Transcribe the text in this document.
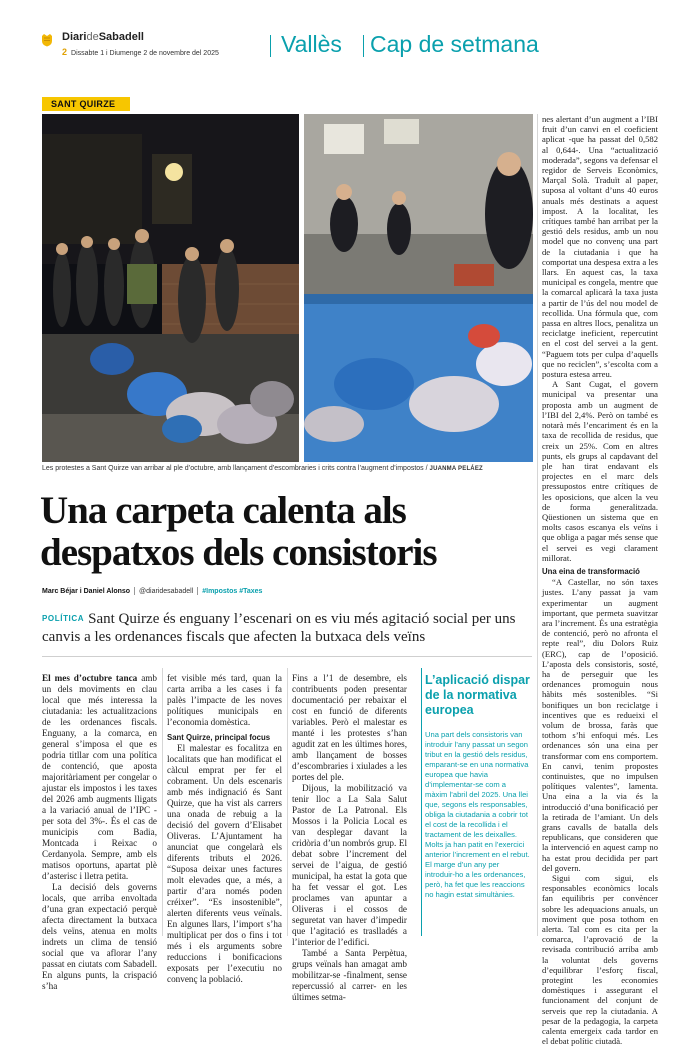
DiarideSabadell
2 Dissabte 1 i Diumenge 2 de novembre del 2025	Vallès Cap de setmana
SANT QUIRZE
Les protestes a Sant Quirze van arribar al ple d’octubre, amb llançament d’escombraries i crits contra l’augment d’impostos / JUANMA PELÁEZ
Una carpeta calenta als despatxos dels consistoris
Marc Béjar i Daniel Alonso @diaridesabadell #Impostos #Taxes

POLÍTICA Sant Quirze és enguany l’escenari on es viu més agitació social per uns canvis a les ordenances fiscals que afecten la butxaca dels veïns

El mes d’octubre tanca amb un dels moviments en clau local que més interessa la ciutadania: les actualitzacions de les ordenances fiscals. Enguany, a la comarca, en general s’imposa el que es podria titllar com una política de contenció, que aposta majoritàriament per congelar o ajustar els impostos i les taxes del 2026 amb augments lligats a la variació anual de l’IPC -per sota del 3%-. És el cas de municipis com Badia, Montcada i Reixac o Cerdanyola. Sempre, amb els matisos oportuns, apartat plè d’asterisc i lletra petita.

La decisió dels governs locals, que arriba envoltada d’una gran expectació perquè afecta directament la butxaca dels veïns, atenua en molts indrets un clima de tensió social que va aflorar l’any passat en ciutats com Sabadell. En alguns punts, la crispació s’ha

fet visible més tard, quan la carta arriba a les cases i fa palès l’impacte de les noves polítiques municipals en l’economia domèstica.

Sant Quirze, principal focus

El malestar es focalitza en localitats que han modificat el càlcul emprat per fer el cobrament. Un dels escenaris amb més indignació és Sant Quirze, que ha vist als carrers una onada de rebuig a la decisió del govern d’Elisabet Oliveras. L’Ajuntament ha anunciat que congelarà els diferents tributs el 2026. “Suposa deixar unes factures molt elevades que, a més, a partir d’ara només poden créixer”. “Es insostenible”, alerten diferents veus veïnals. En algunes llars, l’import s’ha multiplicat per dos o fins i tot més i els arguments sobre reduccions i bonificacions exposats per l’executiu no convenç la població.

Fins a l’1 de desembre, els contribuents poden presentar documentació per rebaixar el cost en funció de diferents variables. Però el malestar es manté i les protestes s’han agudit zat en les últimes hores, amb llançament de bosses d’escombraries i xiulades a les portes del ple.

Dijous, la mobilització va tenir lloc a La Sala Salut Pastor de La Patronal. Els Mossos i la Policia Local es van desplegar davant la cridòria d’un nombrós grup. El debat sobre l’increment del servei de l’aigua, de gestió municipal, ha estat la gota que ha fet vessar el got. Les proclames van apuntar a Oliveras i el cossos de seguretat van haver d’impedir que l’agitació es traslladés a l’interior de l’edifici.

També a Santa Perpètua, grups veïnals han amagat amb mobilitzar-se -finalment, sense repercussió al carrer- en les últimes setma-

L’aplicació dispar de la normativa europea
Una part dels consistoris van introduir l’any passat un segon tribut en la gestió dels residus, emparant-se en una normativa europea que havia d’implementar-se com a màxim l’abril del 2025. Una llei que, segons els responsables, obliga la ciutadania a cobrir tot el cost de la recollida i el tractament de les deixalles. Molts ja han patit en l’exercici anterior l’increment en el rebut. El marge d’un any per introduir-ho a les ordenances, però, ha fet que les reaccions no hagin estat simultànies.

nes alertant d’un augment a l’IBI fruit d’un canvi en el coeficient aplicat -que ha passat del 0,582 al 0,644-. Una “actualització moderada”, segons va defensar el regidor de Serveis Econòmics, Marçal Solà. Traduït al paper, suposa al voltant d’uns 40 euros anuals més destinats a aquest impost. A la localitat, les crítiques també han arribat per la gestió dels residus, amb un nou model que no convenç una part de la ciutadania i que ha comportat una despesa extra a les llars. En aquest cas, la taxa municipal es congela, mentre que la comarcal aplicarà la taxa justa a partir de l’ús del nou model de recollida. Una fórmula que, com passa en altres llocs, penalitza un reciclatge ineficient, repercutint en el cost del servei a la gent. “Paguem tots per culpa d’aquells que no reciclen”, s’escolta com a postura estesa arreu.

A Sant Cugat, el govern municipal va presentar una proposta amb un augment de l’IBI del 2,4%. Però on també es notarà més l’encariment és en la taxa de recollida de residus, que creix un 25%. Com en altres punts, els grups al capdavant del ple han tirat endavant els projectes en el marc dels pressupostos entre crítiques de les oposicions, que alcen la veu de forma generalitzada. Qüestionen un sistema que en molts casos escanya els veïns i que obliga a pagar més sense que el servei es vegi clarament millorat.

Una eina de transformació

“A Castellar, no són taxes justes. L’any passat ja vam experimentar un augment important, que permeta suavitzar ara l’increment. És una estratègia de contenció, però no afronta el repte real”, diu Dolors Ruiz (ERC), cap de l’oposició. L’aposta dels consistoris, sosté, ha de perseguir que les ordenances promoguin nous hàbits més sostenibles. “Si bonifiques un bon reciclatge i incentives que es redueixi el volum de brossa, faràs que tothom s’hi enfoqui més. Les ordenances són una eina per transformar com ens comportem. En canvi, tenim propostes continuistes, que no impulsen polítiques valentes”, lamenta. Una eina a la via és la introducció d’una bonificació per la retirada de l’amiant. Un dels grans cavalls de batalla dels republicans, que consideren que la intervenció en aquest camp no ha estat prou decidida per part del govern.

Sigui com sigui, els responsables econòmics locals fan equilibris per convèncer sobre les adequacions anuals, un moviment que posa tothom en alerta. Tal com es cita per la comarca, l’aprovació de la revisada contribució arriba amb la voluntat dels governs d’equilibrar l’esforç fiscal, protegint les economies domèstiques i assegurant el funcionament del conjunt de serveis que rep la ciutadania. A pesar de la pedagogia, la carpeta calenta emergeix cada tardor en el debat polític ciutadà.
